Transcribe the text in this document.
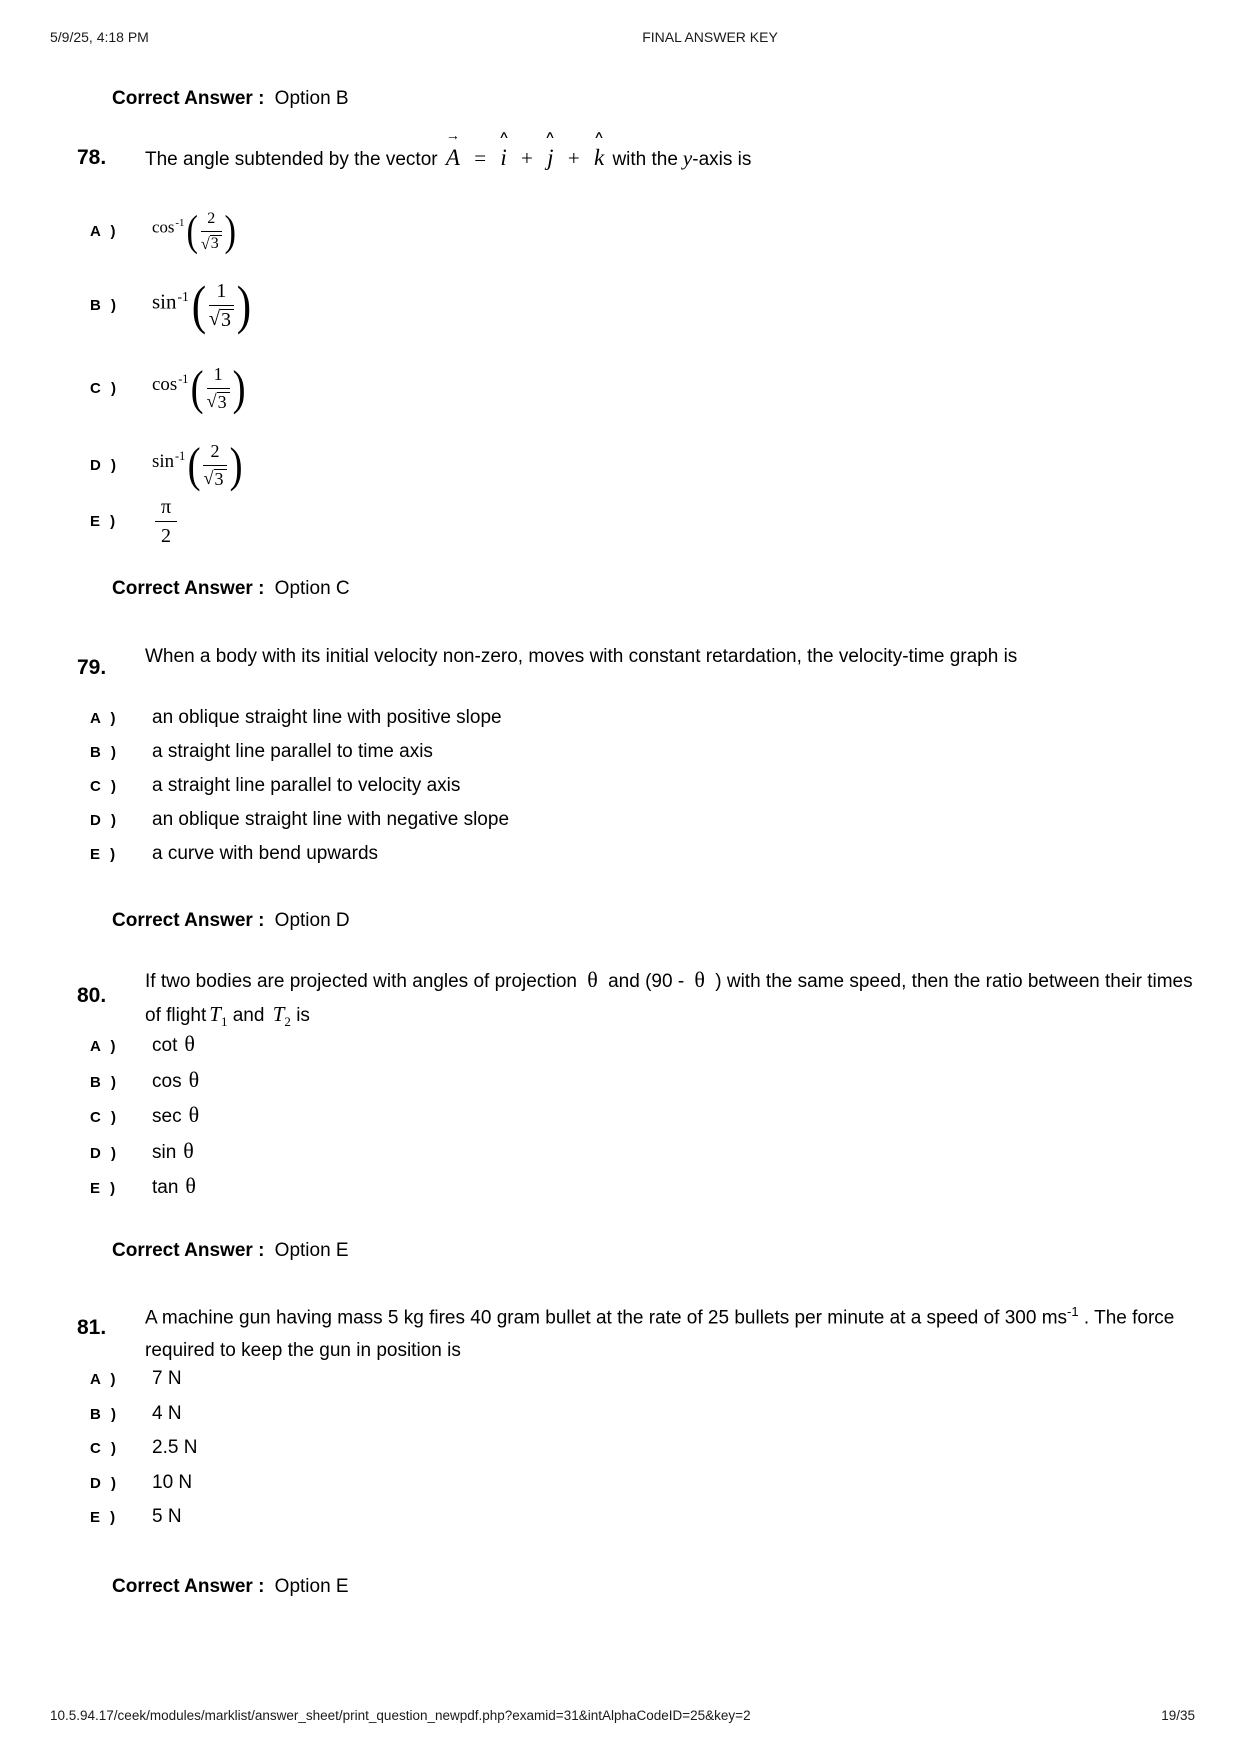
5/9/25, 4:18 PM	FINAL ANSWER KEY
Correct Answer : Option B
78. The angle subtended by the vector
→
A =
∧
i +
∧
j +
∧
k with the y-axis is
A )	cos$^{-1}$ ( $\frac{2}{√ 3}$ )
B )	sin$^{-1}$ ( $\frac{1}{√ 3}$ )
C )	cos$^{-1}$ ( $\frac{1}{√ 3}$ )
D )	sin$^{-1}$ ( $\frac{2}{√ 3}$ )
E )	$\frac{\pi}{2}$
Correct Answer : Option C
79. When a body with its initial velocity non-zero, moves with constant retardation, the velocity-time graph is
A )	an oblique straight line with positive slope
B )	a straight line parallel to time axis
C )	a straight line parallel to velocity axis
D )	an oblique straight line with negative slope
E )	a curve with bend upwards
Correct Answer : Option D
80.
If two bodies are projected with angles of projection θ and (90 - θ ) with the same speed, then the ratio between their times of flight $T_1$ and $T_2$ is
A )	cot θ
B )	cos θ
C )	sec θ
D )	sin θ
E )	tan θ
Correct Answer : Option E
81. A machine gun having mass 5 kg fires 40 gram bullet at the rate of 25 bullets per minute at a speed of 300 $ms^{-1}$ . The force required to keep the gun in position is
A )	7 N
B )	4 N
C )	2.5 N
D )	10 N
E )	5 N
Correct Answer : Option E
10.5.94.17/ceek/modules/marklist/answer_sheet/print_question_newpdf.php?examid=31&intAlphaCodeID=25&key=2	19/35
